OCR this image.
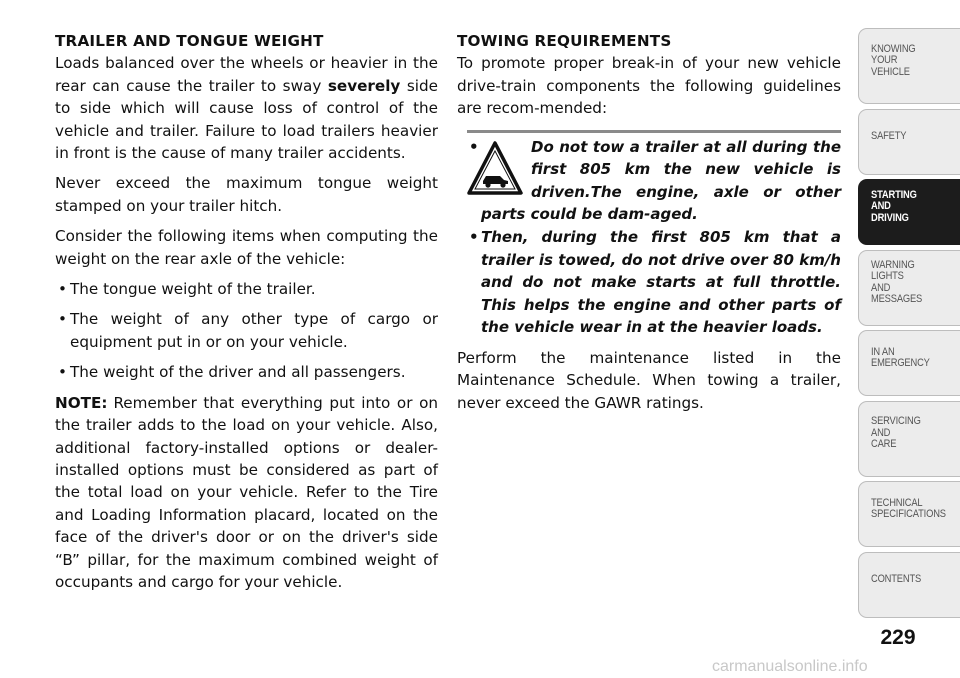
TRAILER AND TONGUE WEIGHT

Loads balanced over the wheels or heavier in the rear can cause the trailer to sway severely side to side which will cause loss of control of the vehicle and trailer. Failure to load trailers heavier in front is the cause of many trailer accidents.

Never exceed the maximum tongue weight stamped on your trailer hitch.

Consider the following items when computing the weight on the rear axle of the vehicle:

• The tongue weight of the trailer.
• The weight of any other type of cargo or equipment put in or on your vehicle.
• The weight of the driver and all passengers.

NOTE: Remember that everything put into or on the trailer adds to the load on your vehicle. Also, additional factory-installed options or dealer-installed options must be considered as part of the total load on your vehicle. Refer to the Tire and Loading Information placard, located on the face of the driver's door or on the driver's side “B” pillar, for the maximum combined weight of occupants and cargo for your vehicle.

TOWING REQUIREMENTS

To promote proper break-in of your new vehicle drive-train components the following guidelines are recom-mended:

• Do not tow a trailer at all during the first 805 km the new vehicle is driven.The engine, axle or other parts could be dam-aged.

• Then, during the first 805 km that a trailer is towed, do not drive over 80 km/h and do not make starts at full throttle. This helps the engine and other parts of the vehicle wear in at the heavier loads.

Perform the maintenance listed in the Maintenance Schedule. When towing a trailer, never exceed the GAWR ratings.

KNOWING
YOUR
VEHICLE
SAFETY
STARTING
AND
DRIVING
WARNING
LIGHTS
AND
MESSAGES
IN AN
EMERGENCY
SERVICING
AND
CARE
TECHNICAL
SPECIFICATIONS
CONTENTS
229
carmanualsonline.info
